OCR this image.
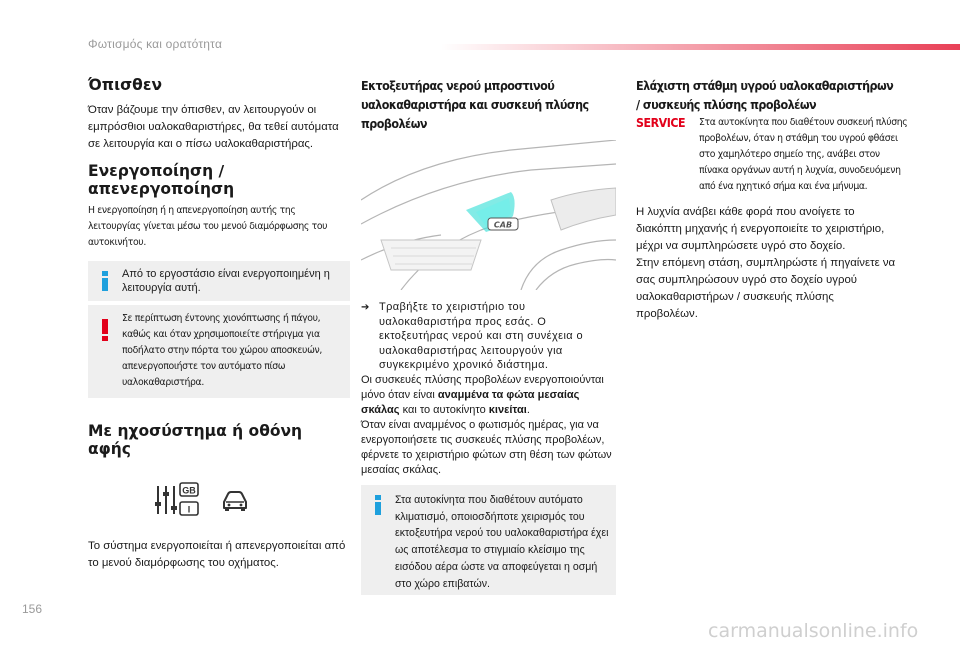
Φωτισμός και ορατότητα
Όπισθεν

Όταν βάζουμε την όπισθεν, αν λειτουργούν οι εμπρόσθιοι υαλοκαθαριστήρες, θα τεθεί αυτόματα σε λειτουργία και ο πίσω υαλοκαθαριστήρας.

Ενεργοποίηση / απενεργοποίηση

Η ενεργοποίηση ή η απενεργοποίηση αυτής της λειτουργίας γίνεται μέσω του μενού διαμόρφωσης του αυτοκινήτου.

Από το εργοστάσιο είναι ενεργοποιημένη η λειτουργία αυτή.

Σε περίπτωση έντονης χιονόπτωσης ή πάγου, καθώς και όταν χρησιμοποιείτε στήριγμα για ποδήλατο στην πόρτα του χώρου αποσκευών, απενεργοποιήστε τον αυτόματο πίσω υαλοκαθαριστήρα.

Με ηχοσύστημα ή οθόνη αφής
GB
I

Το σύστημα ενεργοποιείται ή απενεργοποιείται από το μενού διαμόρφωσης του οχήματος.

Εκτοξευτήρας νερού μπροστινού υαλοκαθαριστήρα και συσκευή πλύσης προβολέων
CAB
➔ Τραβήξτε το χειριστήριο του υαλοκαθαριστήρα προς εσάς. Ο εκτοξευτήρας νερού και στη συνέχεια ο υαλοκαθαριστήρας λειτουργούν για συγκεκριμένο χρονικό διάστημα.
Οι συσκευές πλύσης προβολέων ενεργοποιούνται μόνο όταν είναι αναμμένα τα φώτα μεσαίας σκάλας και το αυτοκίνητο κινείται.
Όταν είναι αναμμένος ο φωτισμός ημέρας, για να ενεργοποιήσετε τις συσκευές πλύσης προβολέων, φέρνετε το χειριστήριο φώτων στη θέση των φώτων μεσαίας σκάλας.
Στα αυτοκίνητα που διαθέτουν αυτόματο κλιματισμό, οποιοσδήποτε χειρισμός του εκτοξευτήρα νερού του υαλοκαθαριστήρα έχει ως αποτέλεσμα το στιγμιαίο κλείσιμο της εισόδου αέρα ώστε να αποφεύγεται η οσμή στο χώρο επιβατών.
Ελάχιστη στάθμη υγρού υαλοκαθαριστήρων / συσκευής πλύσης προβολέων
SERVICE Στα αυτοκίνητα που διαθέτουν συσκευή πλύσης προβολέων, όταν η στάθμη του υγρού φθάσει στο χαμηλότερο σημείο της, ανάβει στον πίνακα οργάνων αυτή η λυχνία, συνοδευόμενη από ένα ηχητικό σήμα και ένα μήνυμα.
Η λυχνία ανάβει κάθε φορά που ανοίγετε το διακόπτη μηχανής ή ενεργοποιείτε το χειριστήριο, μέχρι να συμπληρώσετε υγρό στο δοχείο.
Στην επόμενη στάση, συμπληρώστε ή πηγαίνετε να σας συμπληρώσουν υγρό στο δοχείο υγρού υαλοκαθαριστήρων / συσκευής πλύσης προβολέων.
156
carmanualsonline.info
